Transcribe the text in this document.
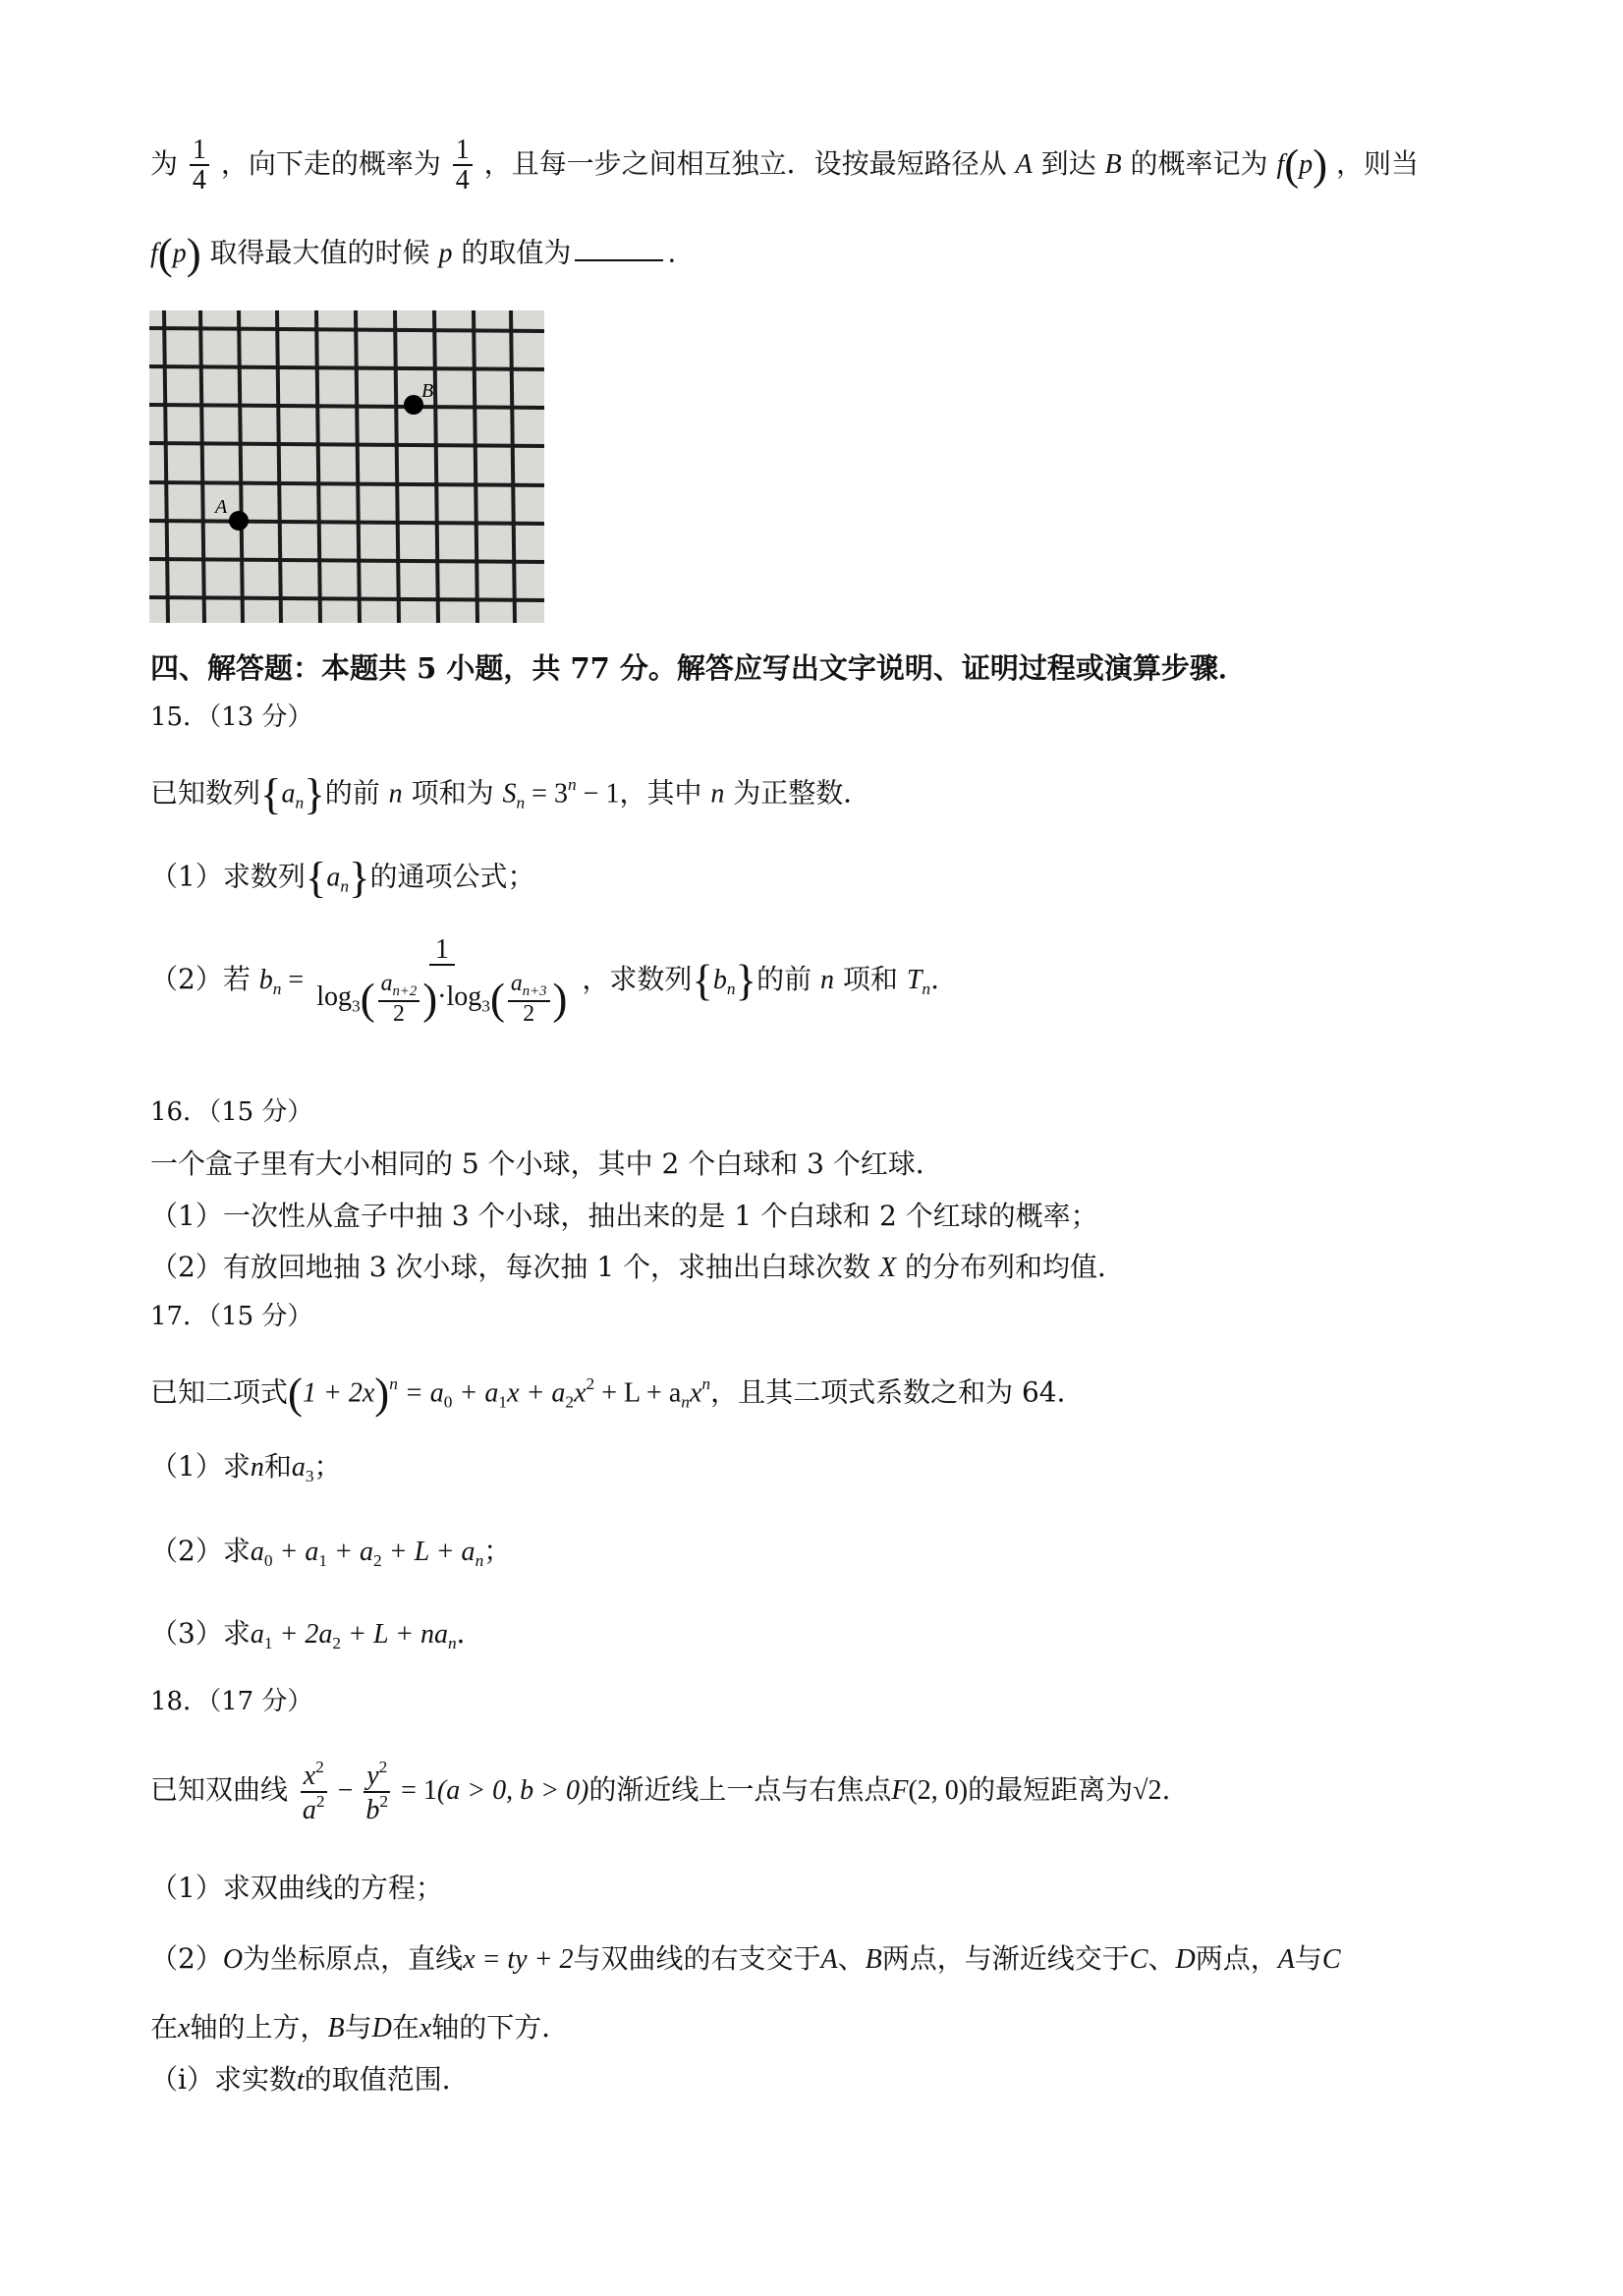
为 $\frac{1}{4}$ ，向下走的概率为 $\frac{1}{4}$ ，且每一步之间相互独立．设按最短路径从 A 到达 B 的概率记为 f(p) ，则当
f(p) 取得最大值的时候 p 的取值为	.
B
A
四、解答题：本题共 5 小题，共 77 分。解答应写出文字说明、证明过程或演算步骤．
15．（13 分）
已知数列$\{a_n\}$的前 n 项和为 $S_n = 3^n - 1$，其中 n 为正整数．
（1）求数列$\{a_n\}$的通项公式；
（2）若 $b_n = \frac{1}{\log_3( \frac{a_{n+2}}{2} )\cdot\log_3( \frac{a_{n+3}}{2} )}$ ，求数列$\{b_n\}$的前 n 项和 $T_n$.
16．（15 分）
一个盒子里有大小相同的 5 个小球，其中 2 个白球和 3 个红球．
（1）一次性从盒子中抽 3 个小球，抽出来的是 1 个白球和 2 个红球的概率；
（2）有放回地抽 3 次小球，每次抽 1 个，求抽出白球次数 X 的分布列和均值．
17．（15 分）
已知二项式$(1 + 2x)^n = a_0 + a_1x + a_2x^2 + L + a_nx^n$，且其二项式系数之和为 64．
（1）求n和$a_3$；
（2）求$a_0 + a_1 + a_2 + L + a_n$；
（3）求$a_1 + 2a_2 + L + na_n$．
18．（17 分）
已知双曲线 $\frac{x^2}{a^2} - \frac{y^2}{b^2} = 1(a > 0$, b > 0)的渐近线上一点与右焦点F(2, 0)的最短距离为√2.
（1）求双曲线的方程；
（2）O为坐标原点，直线x = ty + 2与双曲线的右支交于A、B两点，与渐近线交于C、D两点，A与C
在x轴的上方，B与D在x轴的下方．
（ⅰ）求实数t的取值范围．
